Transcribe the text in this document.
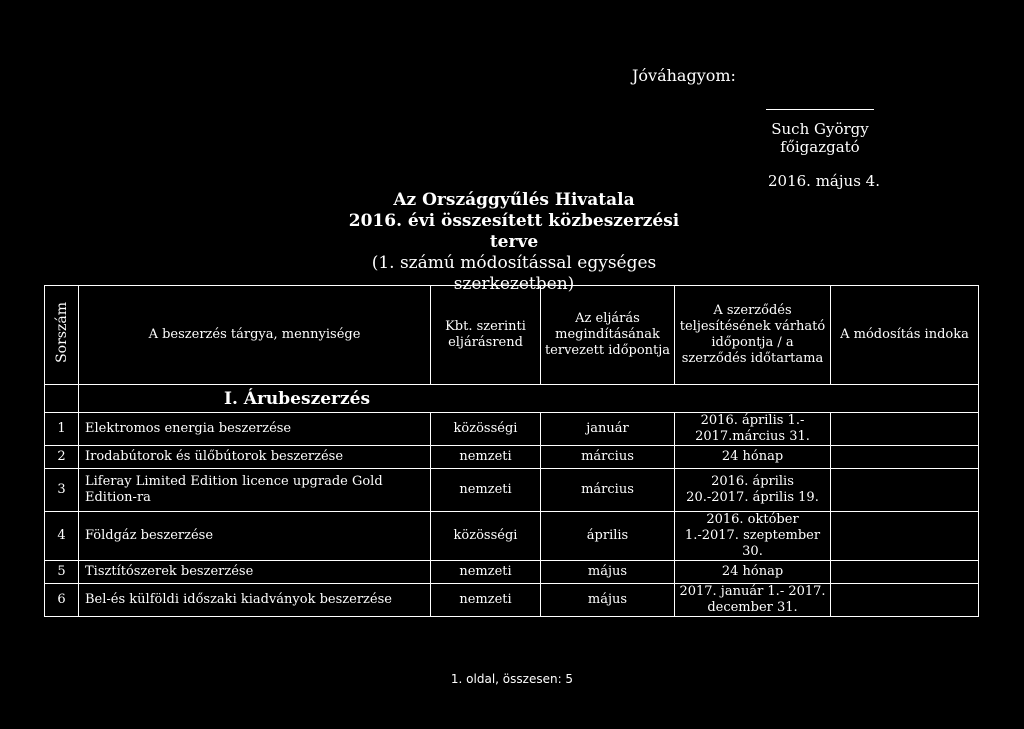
Jóváhagyom:
Such György
főigazgató
2016. május 4.
Az Országgyűlés Hivatala
2016. évi összesített közbeszerzési terve
(1. számú módosítással egységes szerkezetben)
Sorszám	A beszerzés tárgya, mennyisége	Kbt. szerinti eljárásrend	Az eljárás megindításának tervezett időpontja	A szerződés teljesítésének várható időpontja / a szerződés időtartama	A módosítás indoka
	I. Árubeszerzés				
1	Elektromos energia beszerzése	közösségi	január	2016. április 1.- 2017.március 31.	
2	Irodabútorok és ülőbútorok beszerzése	nemzeti	március	24 hónap	
3	Liferay Limited Edition licence upgrade Gold Edition-ra	nemzeti	március	2016. április 20.-2017. április 19.	
4	Földgáz beszerzése	közösségi	április	2016. október 1.-2017. szeptember 30.	
5	Tisztítószerek beszerzése	nemzeti	május	24 hónap	
6	Bel-és külföldi időszaki kiadványok beszerzése	nemzeti	május	2017. január 1.- 2017. december 31.	
1. oldal, összesen: 5
